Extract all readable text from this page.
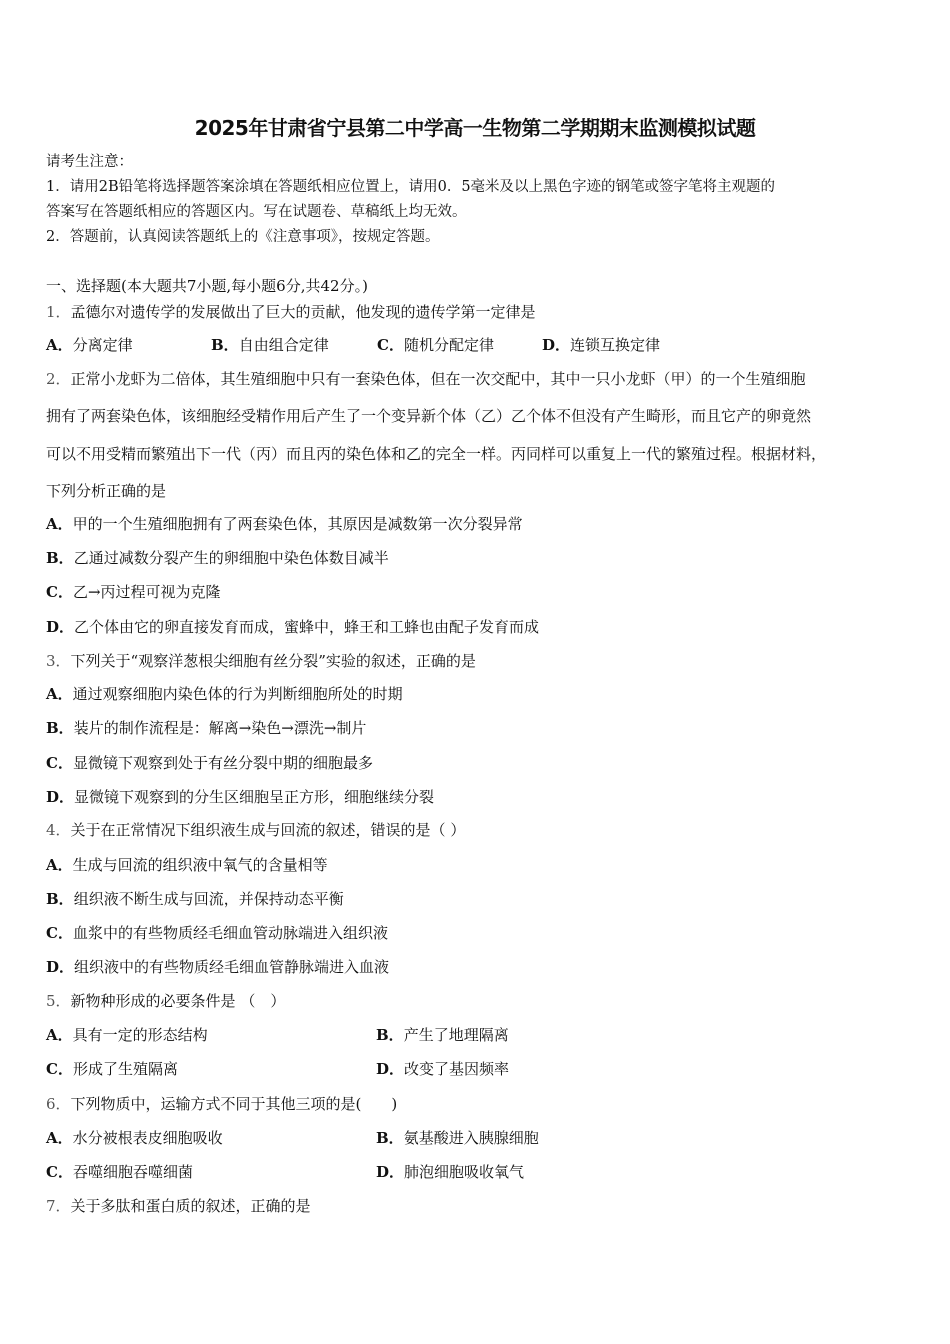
2025年甘肃省宁县第二中学高一生物第二学期期末监测模拟试题
请考生注意：
1．请用2B铅笔将选择题答案涂填在答题纸相应位置上，请用0．5毫米及以上黑色字迹的钢笔或签字笔将主观题的
答案写在答题纸相应的答题区内。写在试题卷、草稿纸上均无效。
2．答题前，认真阅读答题纸上的《注意事项》，按规定答题。
一、选择题(本大题共7小题,每小题6分,共42分。)
1．孟德尔对遗传学的发展做出了巨大的贡献，他发现的遗传学第一定律是
A．分离定律	B．自由组合定律	C．随机分配定律	D．连锁互换定律
2．正常小龙虾为二倍体，其生殖细胞中只有一套染色体，但在一次交配中，其中一只小龙虾（甲）的一个生殖细胞
拥有了两套染色体，该细胞经受精作用后产生了一个变异新个体（乙）乙个体不但没有产生畸形，而且它产的卵竟然
可以不用受精而繁殖出下一代（丙）而且丙的染色体和乙的完全一样。丙同样可以重复上一代的繁殖过程。根据材料，
下列分析正确的是
A．甲的一个生殖细胞拥有了两套染色体，其原因是减数第一次分裂异常
B．乙通过减数分裂产生的卵细胞中染色体数目减半
C．乙→丙过程可视为克隆
D．乙个体由它的卵直接发育而成，蜜蜂中，蜂王和工蜂也由配子发育而成
3．下列关于“观察洋葱根尖细胞有丝分裂”实验的叙述，正确的是
A．通过观察细胞内染色体的行为判断细胞所处的时期
B．装片的制作流程是：解离→染色→漂洗→制片
C．显微镜下观察到处于有丝分裂中期的细胞最多
D．显微镜下观察到的分生区细胞呈正方形，细胞继续分裂
4．关于在正常情况下组织液生成与回流的叙述，错误的是（ ）
A．生成与回流的组织液中氧气的含量相等
B．组织液不断生成与回流，并保持动态平衡
C．血浆中的有些物质经毛细血管动脉端进入组织液
D．组织液中的有些物质经毛细血管静脉端进入血液
5．新物种形成的必要条件是 （　）
A．具有一定的形态结构	B．产生了地理隔离
C．形成了生殖隔离	D．改变了基因频率
6．下列物质中，运输方式不同于其他三项的是(　　)
A．水分被根表皮细胞吸收	B．氨基酸进入胰腺细胞
C．吞噬细胞吞噬细菌	D．肺泡细胞吸收氧气
7．关于多肽和蛋白质的叙述，正确的是
